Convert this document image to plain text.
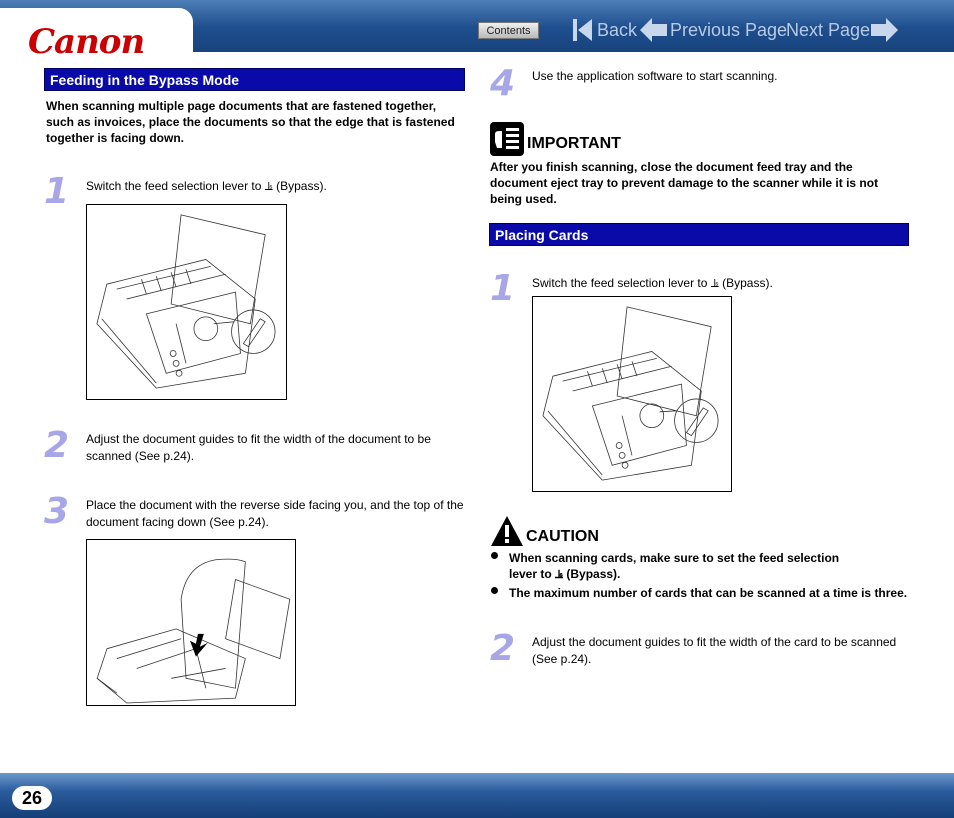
Canon	Contents	Back Previous Page
Next Page
Feeding in the Bypass Mode
When scanning multiple page documents that are fastened together, such as invoices, place the documents so that the edge that is fastened together is facing down.
1 Switch the feed selection lever to ⫡ (Bypass).
2 Adjust the document guides to fit the width of the document to be scanned (See p.24).
3 Place the document with the reverse side facing you, and the top of the document facing down (See p.24).
4 Use the application software to start scanning.
IMPORTANT
After you finish scanning, close the document feed tray and the document eject tray to prevent damage to the scanner while it is not being used.
Placing Cards
1 Switch the feed selection lever to ⫡ (Bypass).
CAUTION
When scanning cards, make sure to set the feed selection lever to ⫡ (Bypass).
The maximum number of cards that can be scanned at a time is three.
2 Adjust the document guides to fit the width of the card to be scanned (See p.24).
26
